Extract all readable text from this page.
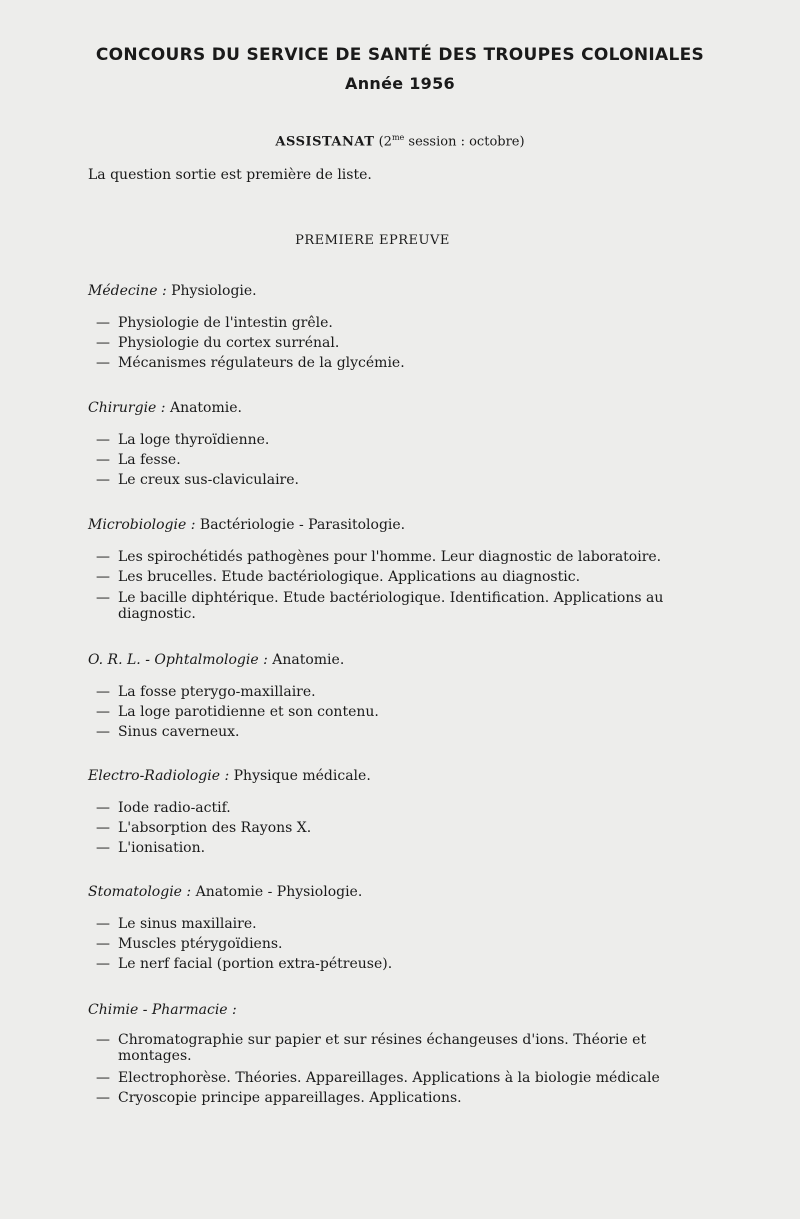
CONCOURS DU SERVICE DE SANTÉ DES TROUPES COLONIALES
Année 1956
ASSISTANAT ($2^{me}$ session : octobre)
La question sortie est première de liste.
PREMIERE EPREUVE
Médecine : Physiologie.
— Physiologie de l'intestin grêle.
— Physiologie du cortex surrénal.
— Mécanismes régulateurs de la glycémie.
Chirurgie : Anatomie.
— La loge thyroïdienne.
— La fesse.
— Le creux sus-claviculaire.
Microbiologie : Bactériologie - Parasitologie.
— Les spirochétidés pathogènes pour l'homme. Leur diagnostic de laboratoire.
— Les brucelles. Etude bactériologique. Applications au diagnostic.
— Le bacille diphtérique. Etude bactériologique. Identification. Applications au diagnostic.
O. R. L. - Ophtalmologie : Anatomie.
— La fosse pterygo-maxillaire.
— La loge parotidienne et son contenu.
— Sinus caverneux.
Electro-Radiologie : Physique médicale.
— Iode radio-actif.
— L'absorption des Rayons X.
— L'ionisation.
Stomatologie : Anatomie - Physiologie.
— Le sinus maxillaire.
— Muscles ptérygoïdiens.
— Le nerf facial (portion extra-pétreuse).
Chimie - Pharmacie :
— Chromatographie sur papier et sur résines échangeuses d'ions. Théorie et montages.
— Electrophorèse. Théories. Appareillages. Applications à la biologie médicale
— Cryoscopie principe appareillages. Applications.
